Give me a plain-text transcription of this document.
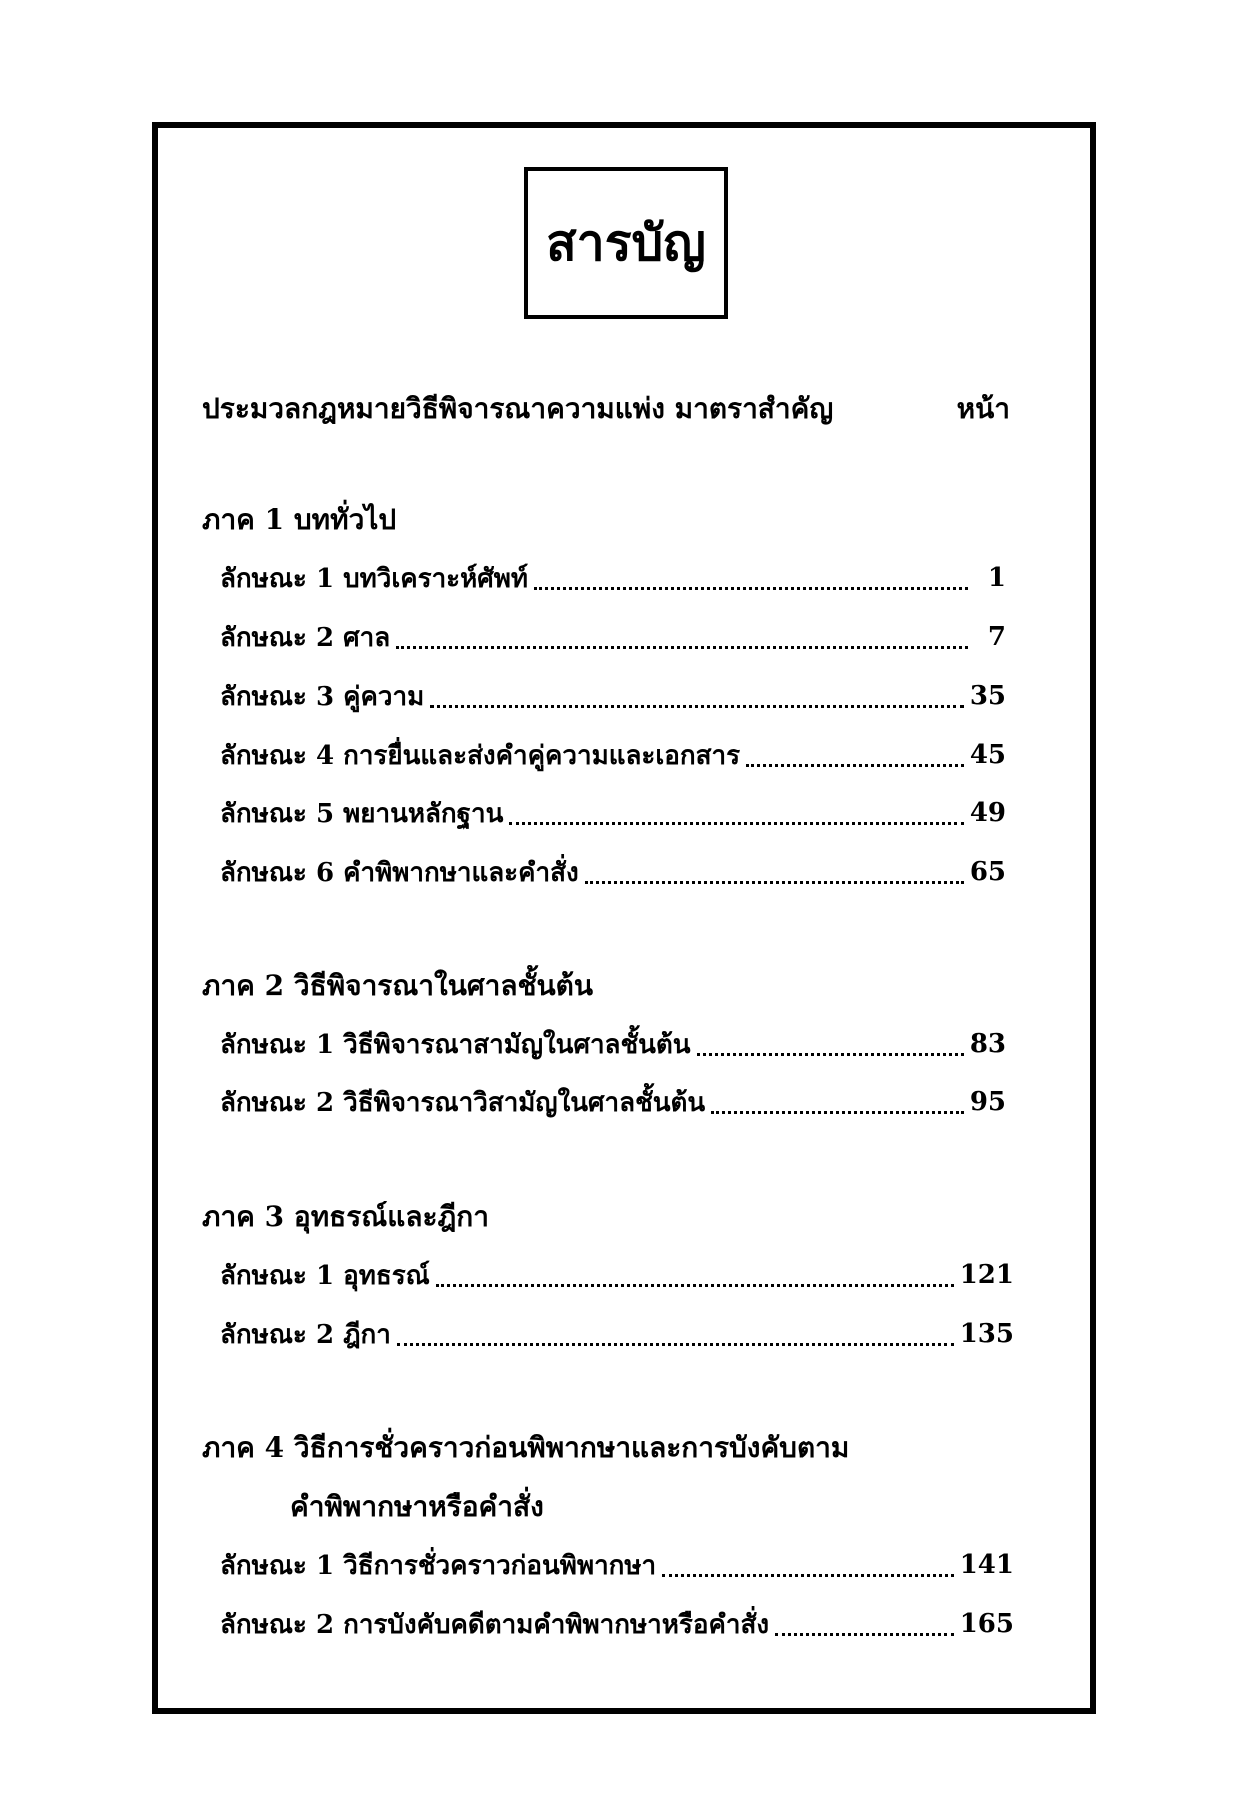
สารบัญ
ประมวลกฎหมายวิธีพิจารณาความแพ่ง มาตราสำคัญ	หน้า
ภาค 1 บททั่วไป
ลักษณะ 1 บทวิเคราะห์ศัพท์	1
ลักษณะ 2 ศาล	7
ลักษณะ 3 คู่ความ	35
ลักษณะ 4 การยื่นและส่งคำคู่ความและเอกสาร	45
ลักษณะ 5 พยานหลักฐาน	49
ลักษณะ 6 คำพิพากษาและคำสั่ง	65
ภาค 2 วิธีพิจารณาในศาลชั้นต้น
ลักษณะ 1 วิธีพิจารณาสามัญในศาลชั้นต้น	83
ลักษณะ 2 วิธีพิจารณาวิสามัญในศาลชั้นต้น	95
ภาค 3 อุทธรณ์และฎีกา
ลักษณะ 1 อุทธรณ์	121
ลักษณะ 2 ฎีกา	135
ภาค 4 วิธีการชั่วคราวก่อนพิพากษาและการบังคับตาม
คำพิพากษาหรือคำสั่ง
ลักษณะ 1 วิธีการชั่วคราวก่อนพิพากษา	141
ลักษณะ 2 การบังคับคดีตามคำพิพากษาหรือคำสั่ง	165
